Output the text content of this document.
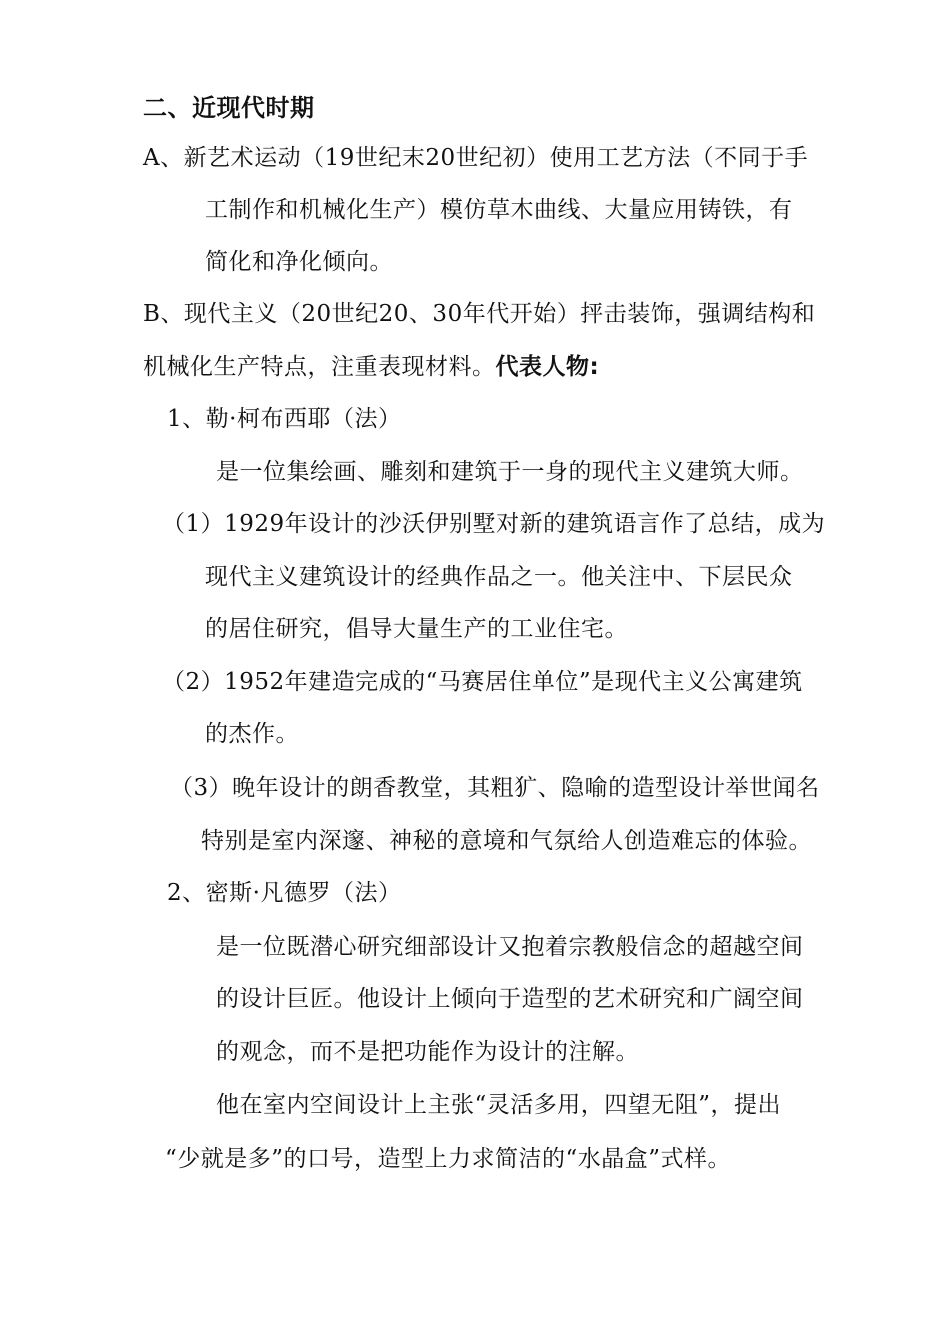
二、近现代时期
A、新艺术运动（19世纪末20世纪初）使用工艺方法（不同于手
工制作和机械化生产）模仿草木曲线、大量应用铸铁，有
简化和净化倾向。
B、现代主义（20世纪20、30年代开始）抨击装饰，强调结构和
机械化生产特点，注重表现材料。代表人物:
1、勒·柯布西耶（法）
是一位集绘画、雕刻和建筑于一身的现代主义建筑大师。
（1）1929年设计的沙沃伊别墅对新的建筑语言作了总结，成为
现代主义建筑设计的经典作品之一。他关注中、下层民众
的居住研究，倡导大量生产的工业住宅。
（2）1952年建造完成的“马赛居住单位”是现代主义公寓建筑
的杰作。
（3）晚年设计的朗香教堂，其粗犷、隐喻的造型设计举世闻名
特别是室内深邃、神秘的意境和气氛给人创造难忘的体验。
2、密斯·凡德罗（法）
是一位既潜心研究细部设计又抱着宗教般信念的超越空间
的设计巨匠。他设计上倾向于造型的艺术研究和广阔空间
的观念，而不是把功能作为设计的注解。
他在室内空间设计上主张“灵活多用，四望无阻”，提出
“少就是多”的口号，造型上力求简洁的“水晶盒”式样。
